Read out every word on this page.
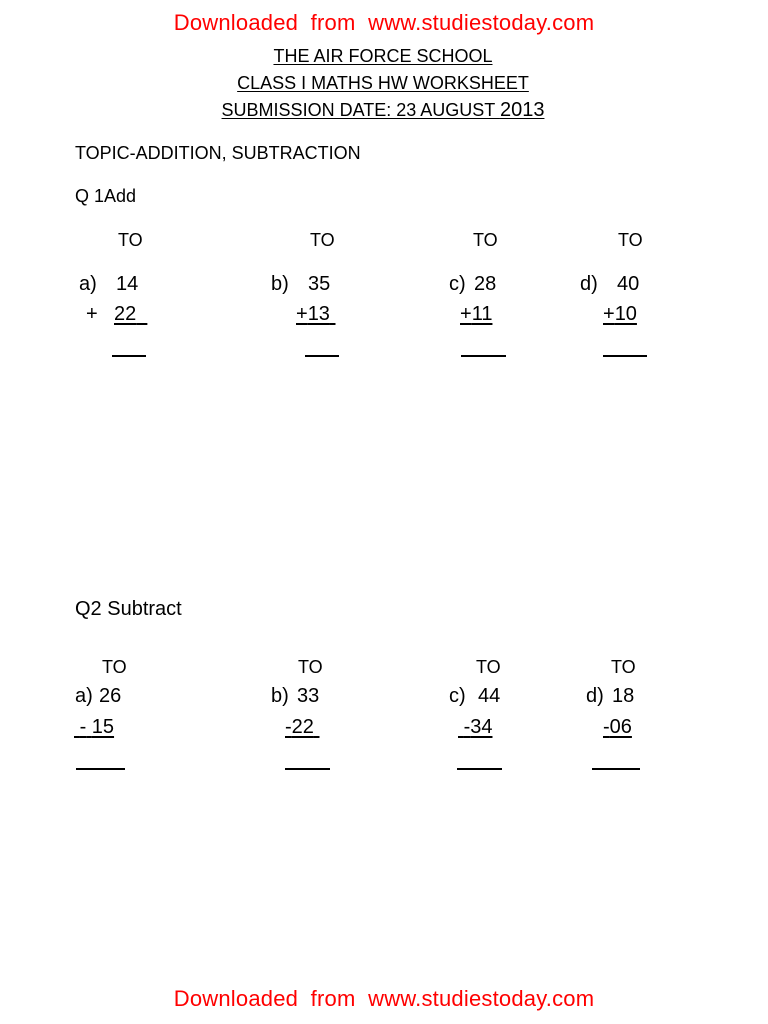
Downloaded  from  www.studiestoday.com
THE AIR FORCE SCHOOL
CLASS I MATHS HW WORKSHEET
SUBMISSION DATE: 23 AUGUST 2013
TOPIC-ADDITION, SUBTRACTION
Q 1Add
TO	TO	TO	TO
a) 14
+ 22
b) 35
+13
c) 28
+11
d) 40
+10
Q2 Subtract
TO	TO	TO	TO
a) 26
- 15
b) 33
-22
c) 44
-34
d) 18
-06
Downloaded  from  www.studiestoday.com
